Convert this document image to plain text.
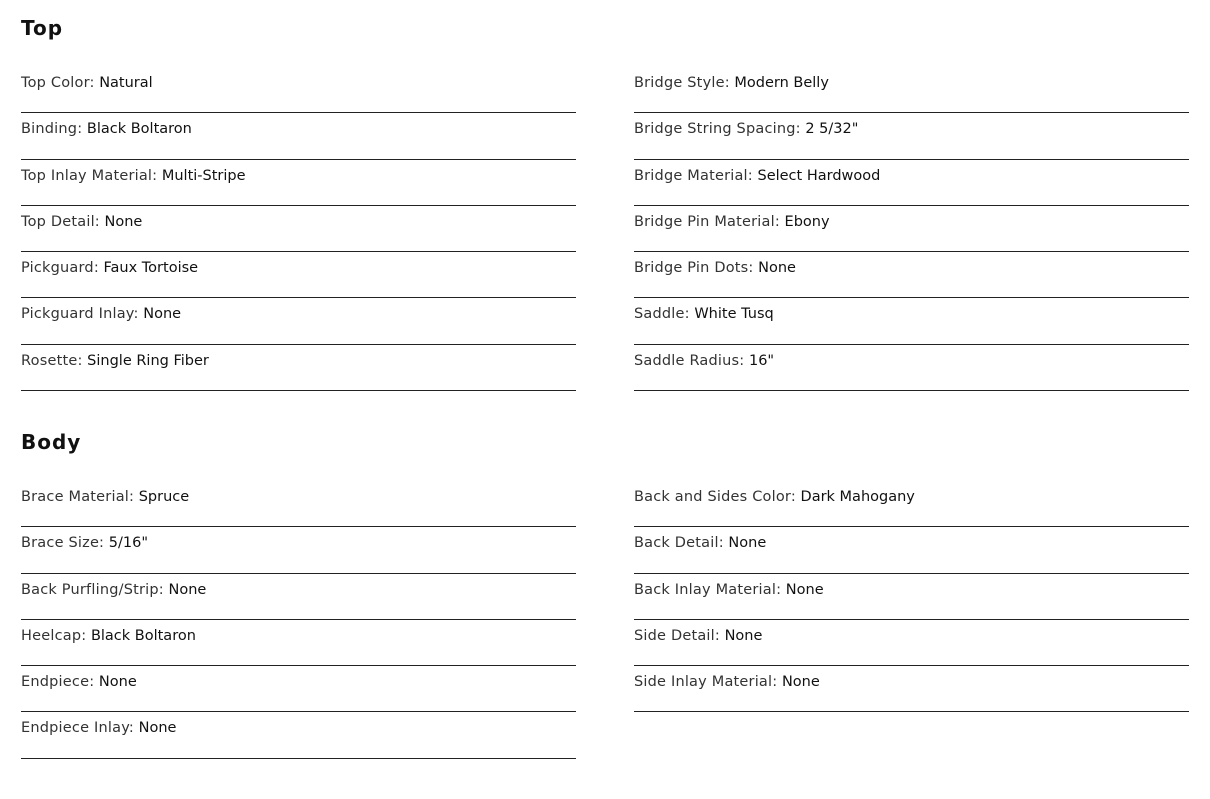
Top
Top Color: Natural
Binding: Black Boltaron
Top Inlay Material: Multi-Stripe
Top Detail: None
Pickguard: Faux Tortoise
Pickguard Inlay: None
Rosette: Single Ring Fiber
Bridge Style: Modern Belly
Bridge String Spacing: 2 5/32"
Bridge Material: Select Hardwood
Bridge Pin Material: Ebony
Bridge Pin Dots: None
Saddle: White Tusq
Saddle Radius: 16"
Body
Brace Material: Spruce
Brace Size: 5/16"
Back Purfling/Strip: None
Heelcap: Black Boltaron
Endpiece: None
Endpiece Inlay: None
Back and Sides Color: Dark Mahogany
Back Detail: None
Back Inlay Material: None
Side Detail: None
Side Inlay Material: None
